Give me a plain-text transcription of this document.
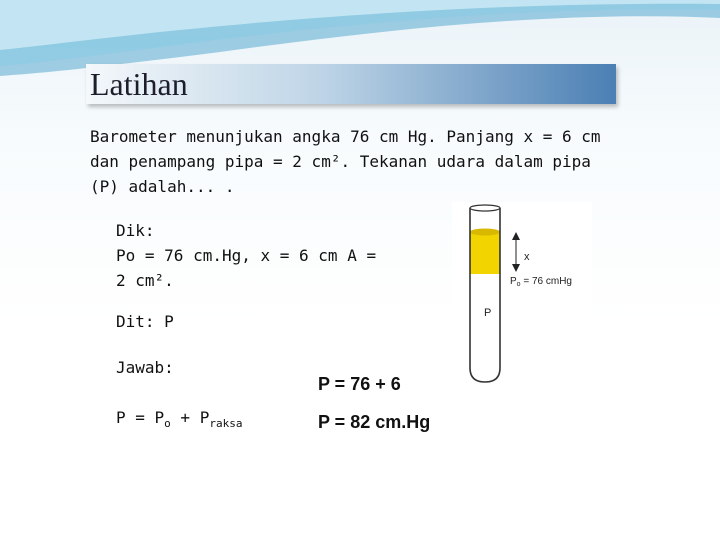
Latihan
Barometer menunjukan angka 76 cm Hg. Panjang x = 6 cm dan penampang pipa = 2 cm². Tekanan udara dalam pipa (P) adalah... .
Dik:
Po = 76 cm.Hg, x = 6 cm A =
2 cm².
Dit: P
Jawab:
$P = P_o + P_{raksa}$
P = 76 + 6
P = 82 cm.Hg
x
$P_o = 76$ cmHg
P
